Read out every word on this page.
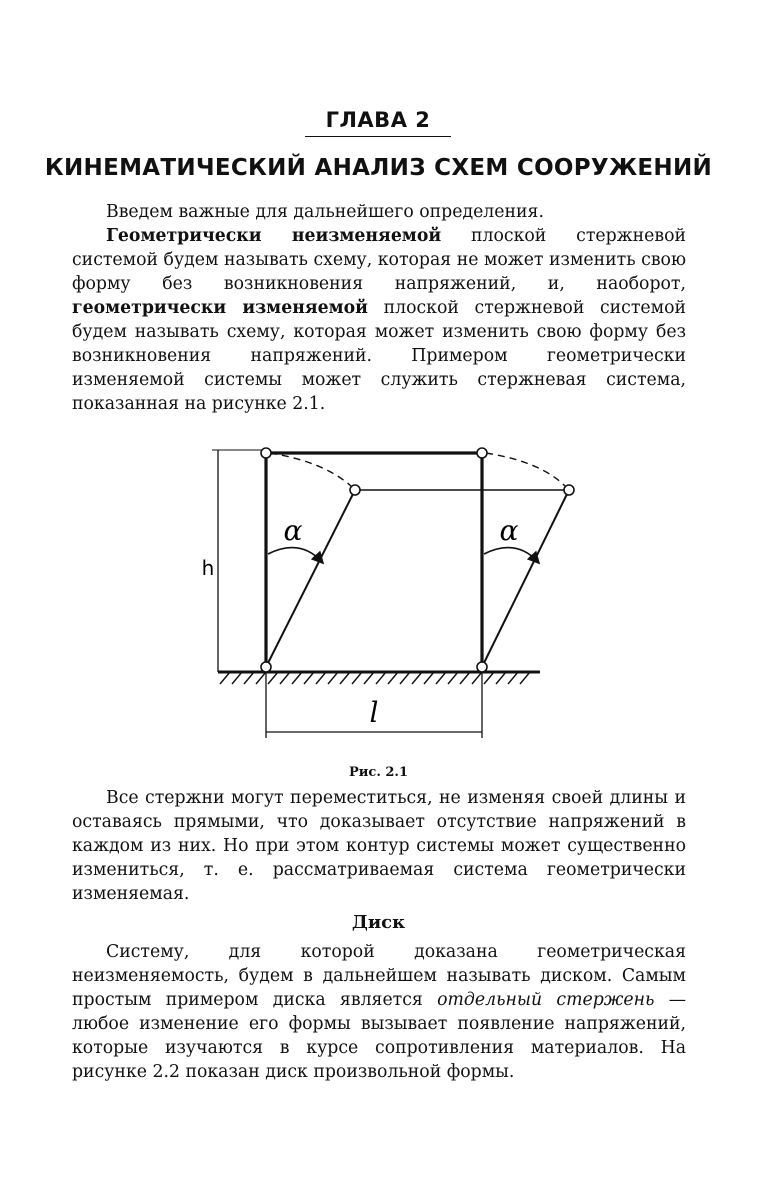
ГЛАВА 2
КИНЕМАТИЧЕСКИЙ АНАЛИЗ СХЕМ СООРУЖЕНИЙ

Введем важные для дальнейшего определения.

Геометрически неизменяемой плоской стержневой системой будем называть схему, которая не может изменить свою форму без возникновения напряжений, и, наоборот, геометрически изменяемой плоской стержневой системой будем называть схему, которая может изменить свою форму без возникновения напряжений. Примером геометрически изменяемой системы может служить стержневая система, показанная на рисунке 2.1.

h
l
α	α
Рис. 2.1

Все стержни могут переместиться, не изменяя своей длины и оставаясь прямыми, что доказывает отсутствие напряжений в каждом из них. Но при этом контур системы может существенно измениться, т. е. рассматриваемая система геометрически изменяемая.

Диск

Систему, для которой доказана геометрическая неизменяемость, будем в дальнейшем называть диском. Самым простым примером диска является отдельный стержень — любое изменение его формы вызывает появление напряжений, которые изучаются в курсе сопротивления материалов. На рисунке 2.2 показан диск произвольной формы.
